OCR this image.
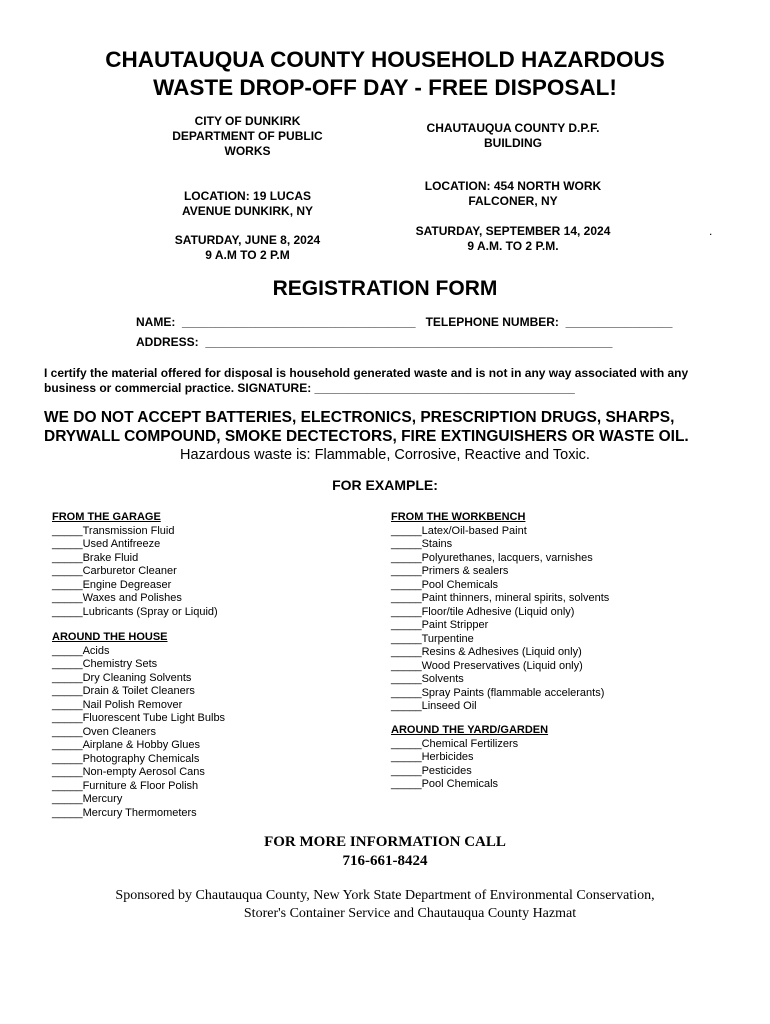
CHAUTAUQUA COUNTY HOUSEHOLD HAZARDOUS
WASTE DROP-OFF DAY - FREE DISPOSAL!
CITY OF DUNKIRK
DEPARTMENT OF PUBLIC
WORKS
LOCATION: 19 LUCAS
AVENUE DUNKIRK, NY
SATURDAY, JUNE 8, 2024
9 A.M TO 2 P.M
CHAUTAUQUA COUNTY D.P.F.
BUILDING
LOCATION: 454 NORTH WORK
FALCONER, NY
SATURDAY, SEPTEMBER 14, 2024
9 A.M. TO 2 P.M.
.
REGISTRATION FORM
NAME:  ___________________________________   TELEPHONE NUMBER:  ________________
ADDRESS:  _____________________________________________________________
I certify the material offered for disposal is household generated waste and is not in any way associated with any
business or commercial practice. SIGNATURE: _______________________________________
WE DO NOT ACCEPT BATTERIES, ELECTRONICS, PRESCRIPTION DRUGS, SHARPS,
DRYWALL COMPOUND, SMOKE DECTECTORS, FIRE EXTINGUISHERS OR WASTE OIL.
Hazardous waste is: Flammable, Corrosive, Reactive and Toxic.
FOR EXAMPLE:
FROM THE GARAGE
_____Transmission Fluid
_____Used Antifreeze
_____Brake Fluid
_____Carburetor Cleaner
_____Engine Degreaser
_____Waxes and Polishes
_____Lubricants (Spray or Liquid)
AROUND THE HOUSE
_____Acids
_____Chemistry Sets
_____Dry Cleaning Solvents
_____Drain & Toilet Cleaners
_____Nail Polish Remover
_____Fluorescent Tube Light Bulbs
_____Oven Cleaners
_____Airplane & Hobby Glues
_____Photography Chemicals
_____Non-empty Aerosol Cans
_____Furniture & Floor Polish
_____Mercury
_____Mercury Thermometers
FROM THE WORKBENCH
_____Latex/Oil-based Paint
_____Stains
_____Polyurethanes, lacquers, varnishes
_____Primers & sealers
_____Pool Chemicals
_____Paint thinners, mineral spirits, solvents
_____Floor/tile Adhesive (Liquid only)
_____Paint Stripper
_____Turpentine
_____Resins & Adhesives (Liquid only)
_____Wood Preservatives (Liquid only)
_____Solvents
_____Spray Paints (flammable accelerants)
_____Linseed Oil
AROUND THE YARD/GARDEN
_____Chemical Fertilizers
_____Herbicides
_____Pesticides
_____Pool Chemicals
FOR MORE INFORMATION CALL
716-661-8424
Sponsored by Chautauqua County, New York State Department of Environmental Conservation,
Storer's Container Service and Chautauqua County Hazmat
